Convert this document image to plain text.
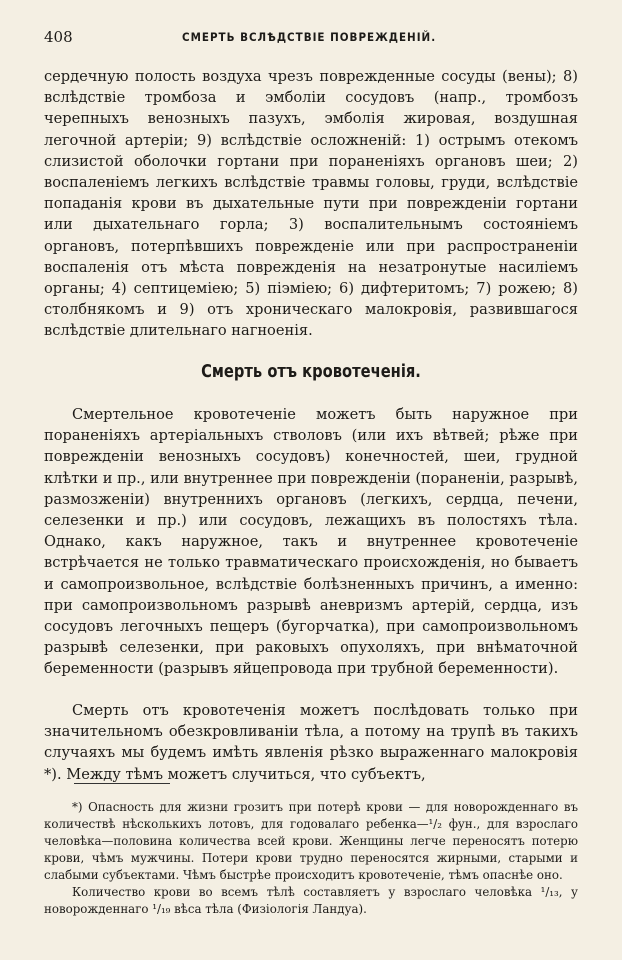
408	СМЕРТЬ ВСЛѢДСТВІЕ ПОВРЕЖДЕНІЙ.

сердечную полость воздуха чрезъ поврежденные сосуды (вены); 8) вслѣдствіе тромбоза и эмболіи сосудовъ (напр., тромбозъ черепныхъ венозныхъ пазухъ, эмболія жировая, воздушная легочной артеріи; 9) вслѣдствіе осложненій: 1) острымъ отекомъ слизистой оболочки гортани при пораненіяхъ органовъ шеи; 2) воспаленіемъ легкихъ вслѣдствіе травмы головы, груди, вслѣдствіе попаданія крови въ дыхательные пути при поврежденіи гортани или дыхательнаго горла; 3) воспалительнымъ состояніемъ органовъ, потерпѣвшихъ поврежденіе или при распространеніи воспаленія отъ мѣста поврежденія на незатронутые насиліемъ органы; 4) септицеміею; 5) піэміею; 6) дифтеритомъ; 7) рожею; 8) столбнякомъ и 9) отъ хроническаго малокровія, развившагося вслѣдствіе длительнаго нагноенія.

Смерть отъ кровотеченія.

Смертельное кровотеченіе можетъ быть наружное при пораненіяхъ артеріальныхъ стволовъ (или ихъ вѣтвей; рѣже при поврежденіи венозныхъ сосудовъ) конечностей, шеи, грудной клѣтки и пр., или внутреннее при поврежденіи (пораненіи, разрывѣ, размозженіи) внутреннихъ органовъ (легкихъ, сердца, печени, селезенки и пр.) или сосудовъ, лежащихъ въ полостяхъ тѣла. Однако, какъ наружное, такъ и внутреннее кровотеченіе встрѣчается не только травматическаго происхожденія, но бываетъ и самопроизвольное, вслѣдствіе болѣзненныхъ причинъ, а именно: при самопроизвольномъ разрывѣ аневризмъ артерій, сердца, изъ сосудовъ легочныхъ пещеръ (бугорчатка), при самопроизвольномъ разрывѣ селезенки, при раковыхъ опухоляхъ, при внѣматочной беременности (разрывъ яйцепровода при трубной беременности).

Смерть отъ кровотеченія можетъ послѣдовать только при значительномъ обезкровливаніи тѣла, а потому на трупѣ въ такихъ случаяхъ мы будемъ имѣть явленія рѣзко выраженнаго малокровія *). Между тѣмъ можетъ случиться, что субъектъ,

*) Опасность для жизни грозитъ при потерѣ крови — для новорожденнаго въ количествѣ нѣсколькихъ лотовъ, для годовалаго ребенка—¹/₂ фун., для взрослаго человѣка—половина количества всей крови. Женщины легче переносятъ потерю крови, чѣмъ мужчины. Потери крови трудно переносятся жирными, старыми и слабыми субъектами. Чѣмъ быстрѣе происходитъ кровотеченіе, тѣмъ опаснѣе оно.

Количество крови во всемъ тѣлѣ составляетъ у взрослаго человѣка ¹/₁₃, у новорожденнаго ¹/₁₉ вѣса тѣла (Физіологія Ландуа).
